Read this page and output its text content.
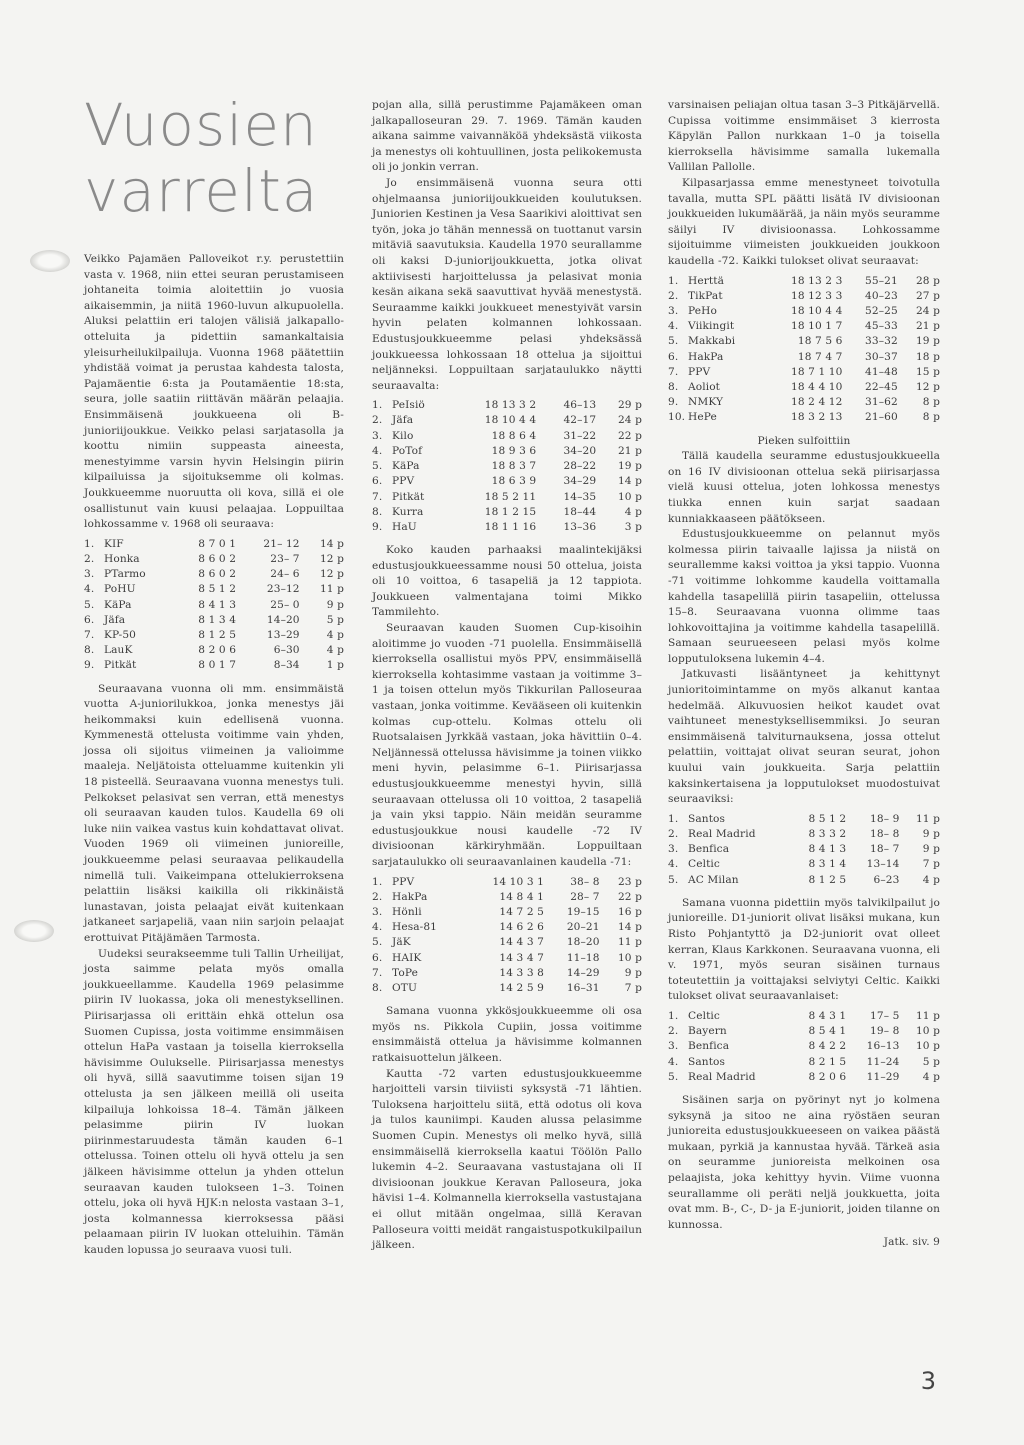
Vuosien
varrelta

Veikko Pajamäen Palloveikot r.y. perustettiin vasta v. 1968, niin ettei seuran perustamiseen johtaneita toimia aloitettiin jo vuosia aikaisemmin, ja niitä 1960-luvun alkupuolella. Aluksi pelattiin eri talojen välisiä jalkapallo-otteluita ja pidettiin samankaltaisia yleisurheilukilpailuja. Vuonna 1968 päätettiin yhdistää voimat ja perustaa kahdesta talosta, Pajamäentie 6:sta ja Poutamäentie 18:sta, seura, jolle saatiin riittävän määrän pelaajia. Ensimmäisenä joukkueena oli B-junioriijoukkue. Veikko pelasi sarjatasolla ja koottu nimiin suppeasta aineesta, menestyimme varsin hyvin Helsingin piirin kilpailuissa ja sijoituksemme oli kolmas. Joukkueemme nuoruutta oli kova, sillä ei ole osallistunut vain kuusi pelaajaa. Loppuiltaa lohkossamme v. 1968 oli seuraava:

1.	KIF	8 7 0 1	21– 12	14 p
2.	Honka	8 6 0 2	23– 7	12 p
3.	PTarmo	8 6 0 2	24– 6	12 p
4.	PoHU	8 5 1 2	23–12	11 p
5.	KäPa	8 4 1 3	25– 0	9 p
6.	Jäfa	8 1 3 4	14–20	5 p
7.	KP-50	8 1 2 5	13–29	4 p
8.	LauK	8 2 0 6	6–30	4 p
9.	Pitkät	8 0 1 7	8–34	1 p

Seuraavana vuonna oli mm. ensimmäistä vuotta A-juniorilukkoa, jonka menestys jäi heikommaksi kuin edellisenä vuonna. Kymmenestä ottelusta voitimme vain yhden, jossa oli sijoitus viimeinen ja valioimme maaleja. Neljätoista otteluamme kuitenkin yli 18 pisteellä. Seuraavana vuonna menestys tuli. Pelkokset pelasivat sen verran, että menestys oli seuraavan kauden tulos. Kaudella 69 oli luke niin vaikea vastus kuin kohdattavat olivat. Vuoden 1969 oli viimeinen junioreille, joukkueemme pelasi seuraavaa pelikaudella nimellä tuli. Vaikeimpana ottelukierroksena pelattiin lisäksi kaikilla oli rikkinäistä lunastavan, joista pelaajat eivät kuitenkaan jatkaneet sarjapeliä, vaan niin sarjoin pelaajat erottuivat Pitäjämäen Tarmosta.

Uudeksi seurakseemme tuli Tallin Urheilijat, josta saimme pelata myös omalla joukkueellamme. Kaudella 1969 pelasimme piirin IV luokassa, joka oli menestyksellinen. Piirisarjassa oli erittäin ehkä ottelun osa Suomen Cupissa, josta voitimme ensimmäisen ottelun HaPa vastaan ja toisella kierroksella hävisimme Oulukselle. Piirisarjassa menestys oli hyvä, sillä saavutimme toisen sijan 19 ottelusta ja sen jälkeen meillä oli useita kilpailuja lohkoissa 18–4. Tämän jälkeen pelasimme piirin IV luokan piirinmestaruudesta tämän kauden 6–1 ottelussa. Toinen ottelu oli hyvä ottelu ja sen jälkeen hävisimme ottelun ja yhden ottelun seuraavan kauden tulokseen 1–3. Toinen ottelu, joka oli hyvä HJK:n nelosta vastaan 3–1, josta kolmannessa kierroksessa pääsi pelaamaan piirin IV luokan otteluihin. Tämän kauden lopussa jo seuraava vuosi tuli.

pojan alla, sillä perustimme Pajamäkeen oman jalkapalloseuran 29. 7. 1969. Tämän kauden aikana saimme vaivannäköä yhdeksästä viikosta ja menestys oli kohtuullinen, josta pelikokemusta oli jo jonkin verran.

Jo ensimmäisenä vuonna seura otti ohjelmaansa junioriijoukkueiden koulutuksen. Juniorien Kestinen ja Vesa Saarikivi aloittivat sen työn, joka jo tähän mennessä on tuottanut varsin mitäviä saavutuksia. Kaudella 1970 seurallamme oli kaksi D-juniorijoukkuetta, jotka olivat aktiivisesti harjoittelussa ja pelasivat monia kesän aikana sekä saavuttivat hyvää menestystä. Seuraamme kaikki joukkueet menestyivät varsin hyvin pelaten kolmannen lohkossaan. Edustusjoukkueemme pelasi yhdeksässä joukkueessa lohkossaan 18 ottelua ja sijoittui neljänneksi. Loppuiltaan sarjataulukko näytti seuraavalta:

1.	PeIsiö	18 13 3 2	46–13	29 p
2.	Jäfa	18 10 4 4	42–17	24 p
3.	Kilo	18 8 6 4	31–22	22 p
4.	PoTof	18 9 3 6	34–20	21 p
5.	KäPa	18 8 3 7	28–22	19 p
6.	PPV	18 6 3 9	34–29	14 p
7.	Pitkät	18 5 2 11	14–35	10 p
8.	Kurra	18 1 2 15	18–44	4 p
9.	HaU	18 1 1 16	13–36	3 p

Koko kauden parhaaksi maalintekijäksi edustusjoukkueessamme nousi 50 ottelua, joista oli 10 voittoa, 6 tasapeliä ja 12 tappiota. Joukkueen valmentajana toimi Mikko Tammilehto.

Seuraavan kauden Suomen Cup-kisoihin aloitimme jo vuoden -71 puolella. Ensimmäisellä kierroksella osallistui myös PPV, ensimmäisellä kierroksella kohtasimme vastaan ja voitimme 3–1 ja toisen ottelun myös Tikkurilan Palloseuraa vastaan, jonka voitimme. Kevääseen oli kuitenkin kolmas cup-ottelu. Kolmas ottelu oli Ruotsalaisen Jyrkkää vastaan, joka hävittiin 0–4. Neljännessä ottelussa hävisimme ja toinen viikko meni hyvin, pelasimme 6–1. Piirisarjassa edustusjoukkueemme menestyi hyvin, sillä seuraavaan ottelussa oli 10 voittoa, 2 tasapeliä ja vain yksi tappio. Näin meidän seuramme edustusjoukkue nousi kaudelle -72 IV divisioonan kärkiryhmään. Loppuiltaan sarjataulukko oli seuraavanlainen kaudella -71:

1.	PPV	14 10 3 1	38– 8	23 p
2.	HakPa	14 8 4 1	28– 7	22 p
3.	Hönli	14 7 2 5	19–15	16 p
4.	Hesa-81	14 6 2 6	20–21	14 p
5.	JäK	14 4 3 7	18–20	11 p
6.	HAIK	14 3 4 7	11–18	10 p
7.	ToPe	14 3 3 8	14–29	9 p
8.	OTU	14 2 5 9	16–31	7 p

Samana vuonna ykkösjoukkueemme oli osa myös ns. Pikkola Cupiin, jossa voitimme ensimmäistä ottelua ja hävisimme kolmannen ratkaisuottelun jälkeen.

Kautta -72 varten edustusjoukkueemme harjoitteli varsin tiiviisti syksystä -71 lähtien. Tuloksena harjoittelu siitä, että odotus oli kova ja tulos kauniimpi. Kauden alussa pelasimme Suomen Cupin. Menestys oli melko hyvä, sillä ensimmäisellä kierroksella kaatui Töölön Pallo lukemin 4–2. Seuraavana vastustajana oli II divisioonan joukkue Keravan Palloseura, joka hävisi 1–4. Kolmannella kierroksella vastustajana ei ollut mitään ongelmaa, sillä Keravan Palloseura voitti meidät rangaistuspotkukilpailun jälkeen.

varsinaisen peliajan oltua tasan 3–3 Pitkäjärvellä. Cupissa voitimme ensimmäiset 3 kierrosta Käpylän Pallon nurkkaan 1–0 ja toisella kierroksella hävisimme samalla lukemalla Vallilan Pallolle.

Kilpasarjassa emme menestyneet toivotulla tavalla, mutta SPL päätti lisätä IV divisioonan joukkueiden lukumäärää, ja näin myös seuramme säilyi IV divisioonassa. Lohkossamme sijoituimme viimeisten joukkueiden joukkoon kaudella -72. Kaikki tulokset olivat seuraavat:

1.	Herttä	18 13 2 3	55–21	28 p
2.	TikPat	18 12 3 3	40–23	27 p
3.	PeHo	18 10 4 4	52–25	24 p
4.	Viikingit	18 10 1 7	45–33	21 p
5.	Makkabi	18 7 5 6	33–32	19 p
6.	HakPa	18 7 4 7	30–37	18 p
7.	PPV	18 7 1 10	41–48	15 p
8.	Aoliot	18 4 4 10	22–45	12 p
9.	NMKY	18 2 4 12	31–62	8 p
10.	HePe	18 3 2 13	21–60	8 p
Pieken sulfoittiin

Tällä kaudella seuramme edustusjoukkueella on 16 IV divisioonan ottelua sekä piirisarjassa vielä kuusi ottelua, joten lohkossa menestys tiukka ennen kuin sarjat saadaan kunniakkaaseen päätökseen.

Edustusjoukkueemme on pelannut myös kolmessa piirin taivaalle lajissa ja niistä on seurallemme kaksi voittoa ja yksi tappio. Vuonna -71 voitimme lohkomme kaudella voittamalla kahdella tasapelillä piirin tasapeliin, ottelussa 15–8. Seuraavana vuonna olimme taas lohkovoittajina ja voitimme kahdella tasapelillä. Samaan seurueeseen pelasi myös kolme lopputuloksena lukemin 4–4.

Jatkuvasti lisääntyneet ja kehittynyt junioritoimintamme on myös alkanut kantaa hedelmää. Alkuvuosien heikot kaudet ovat vaihtuneet menestyksellisemmiksi. Jo seuran ensimmäisenä talviturnauksena, jossa ottelut pelattiin, voittajat olivat seuran seurat, johon kuului vain joukkueita. Sarja pelattiin kaksinkertaisena ja lopputulokset muodostuivat seuraaviksi:

1.	Santos	8 5 1 2	18– 9	11 p
2.	Real Madrid	8 3 3 2	18– 8	9 p
3.	Benfica	8 4 1 3	18– 7	9 p
4.	Celtic	8 3 1 4	13–14	7 p
5.	AC Milan	8 1 2 5	6–23	4 p

Samana vuonna pidettiin myös talvikilpailut jo junioreille. D1-juniorit olivat lisäksi mukana, kun Risto Pohjantyttö ja D2-juniorit ovat olleet kerran, Klaus Karkkonen. Seuraavana vuonna, eli v. 1971, myös seuran sisäinen turnaus toteutettiin ja voittajaksi selviytyi Celtic. Kaikki tulokset olivat seuraavanlaiset:

1.	Celtic	8 4 3 1	17– 5	11 p
2.	Bayern	8 5 4 1	19– 8	10 p
3.	Benfica	8 4 2 2	16–13	10 p
4.	Santos	8 2 1 5	11–24	5 p
5.	Real Madrid	8 2 0 6	11–29	4 p

Sisäinen sarja on pyörinyt nyt jo kolmena syksynä ja sitoo ne aina ryöstäen seuran junioreita edustusjoukkueeseen on vaikea päästä mukaan, pyrkiä ja kannustaa hyvää. Tärkeä asia on seuramme junioreista melkoinen osa pelaajista, joka kehittyy hyvin. Viime vuonna seurallamme oli peräti neljä joukkuetta, joita ovat mm. B-, C-, D- ja E-juniorit, joiden tilanne on kunnossa.

Jatk. siv. 9
3
